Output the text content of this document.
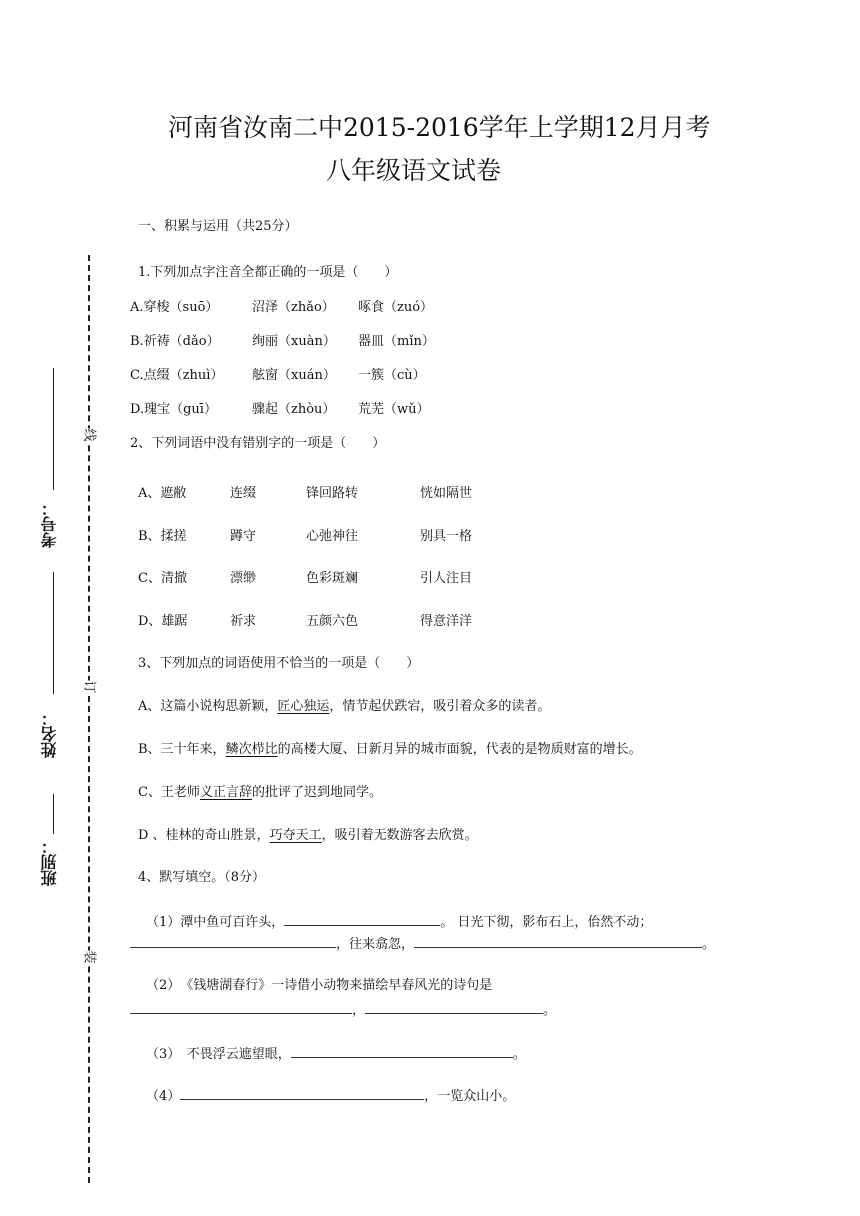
线
订
装
考号：
姓名：
班别：
河南省汝南二中2015-2016学年上学期12月月考
八年级语文试卷
一、积累与运用（共25分）
1.下列加点字注音全都正确的一项是（　　）
A.穿梭（suō）	沼泽（zhǎo） 啄食（zuó）
B.祈祷（dǎo） 绚丽（xuàn） 器皿（mǐn）
C.点缀（zhuì） 舷窗（xuán） 一簇（cù）
D.瑰宝（guī）	骤起（zhòu） 荒芜（wǔ）
2、下列词语中没有错别字的一项是（　　）
A、遮敝	连缀	锋回路转	恍如隔世
B、揉搓	蹲守	心弛神往	别具一格
C、清撤	漂缈	色彩斑斓	引人注目
D、雄踞	祈求	五颜六色	得意洋洋
3、下列加点的词语使用不恰当的一项是（　　）
A、这篇小说构思新颖，匠心独运，情节起伏跌宕，吸引着众多的读者。
B、三十年来，鳞次栉比的高楼大厦、日新月异的城市面貌，代表的是物质财富的增长。
C、王老师义正言辞的批评了迟到地同学。
D 、桂林的奇山胜景，巧夺天工，吸引着无数游客去欣赏。
4、默写填空。（8分）
（1）潭中鱼可百许头，	。 日光下彻，影布石上，佁然不动；
，往来翕忽，	。
（2）　《钱塘湖春行》一诗借小动物来描绘早春风光的诗句是
，	。
（3）　不畏浮云遮望眼，	。
（4）	，一览众山小。
